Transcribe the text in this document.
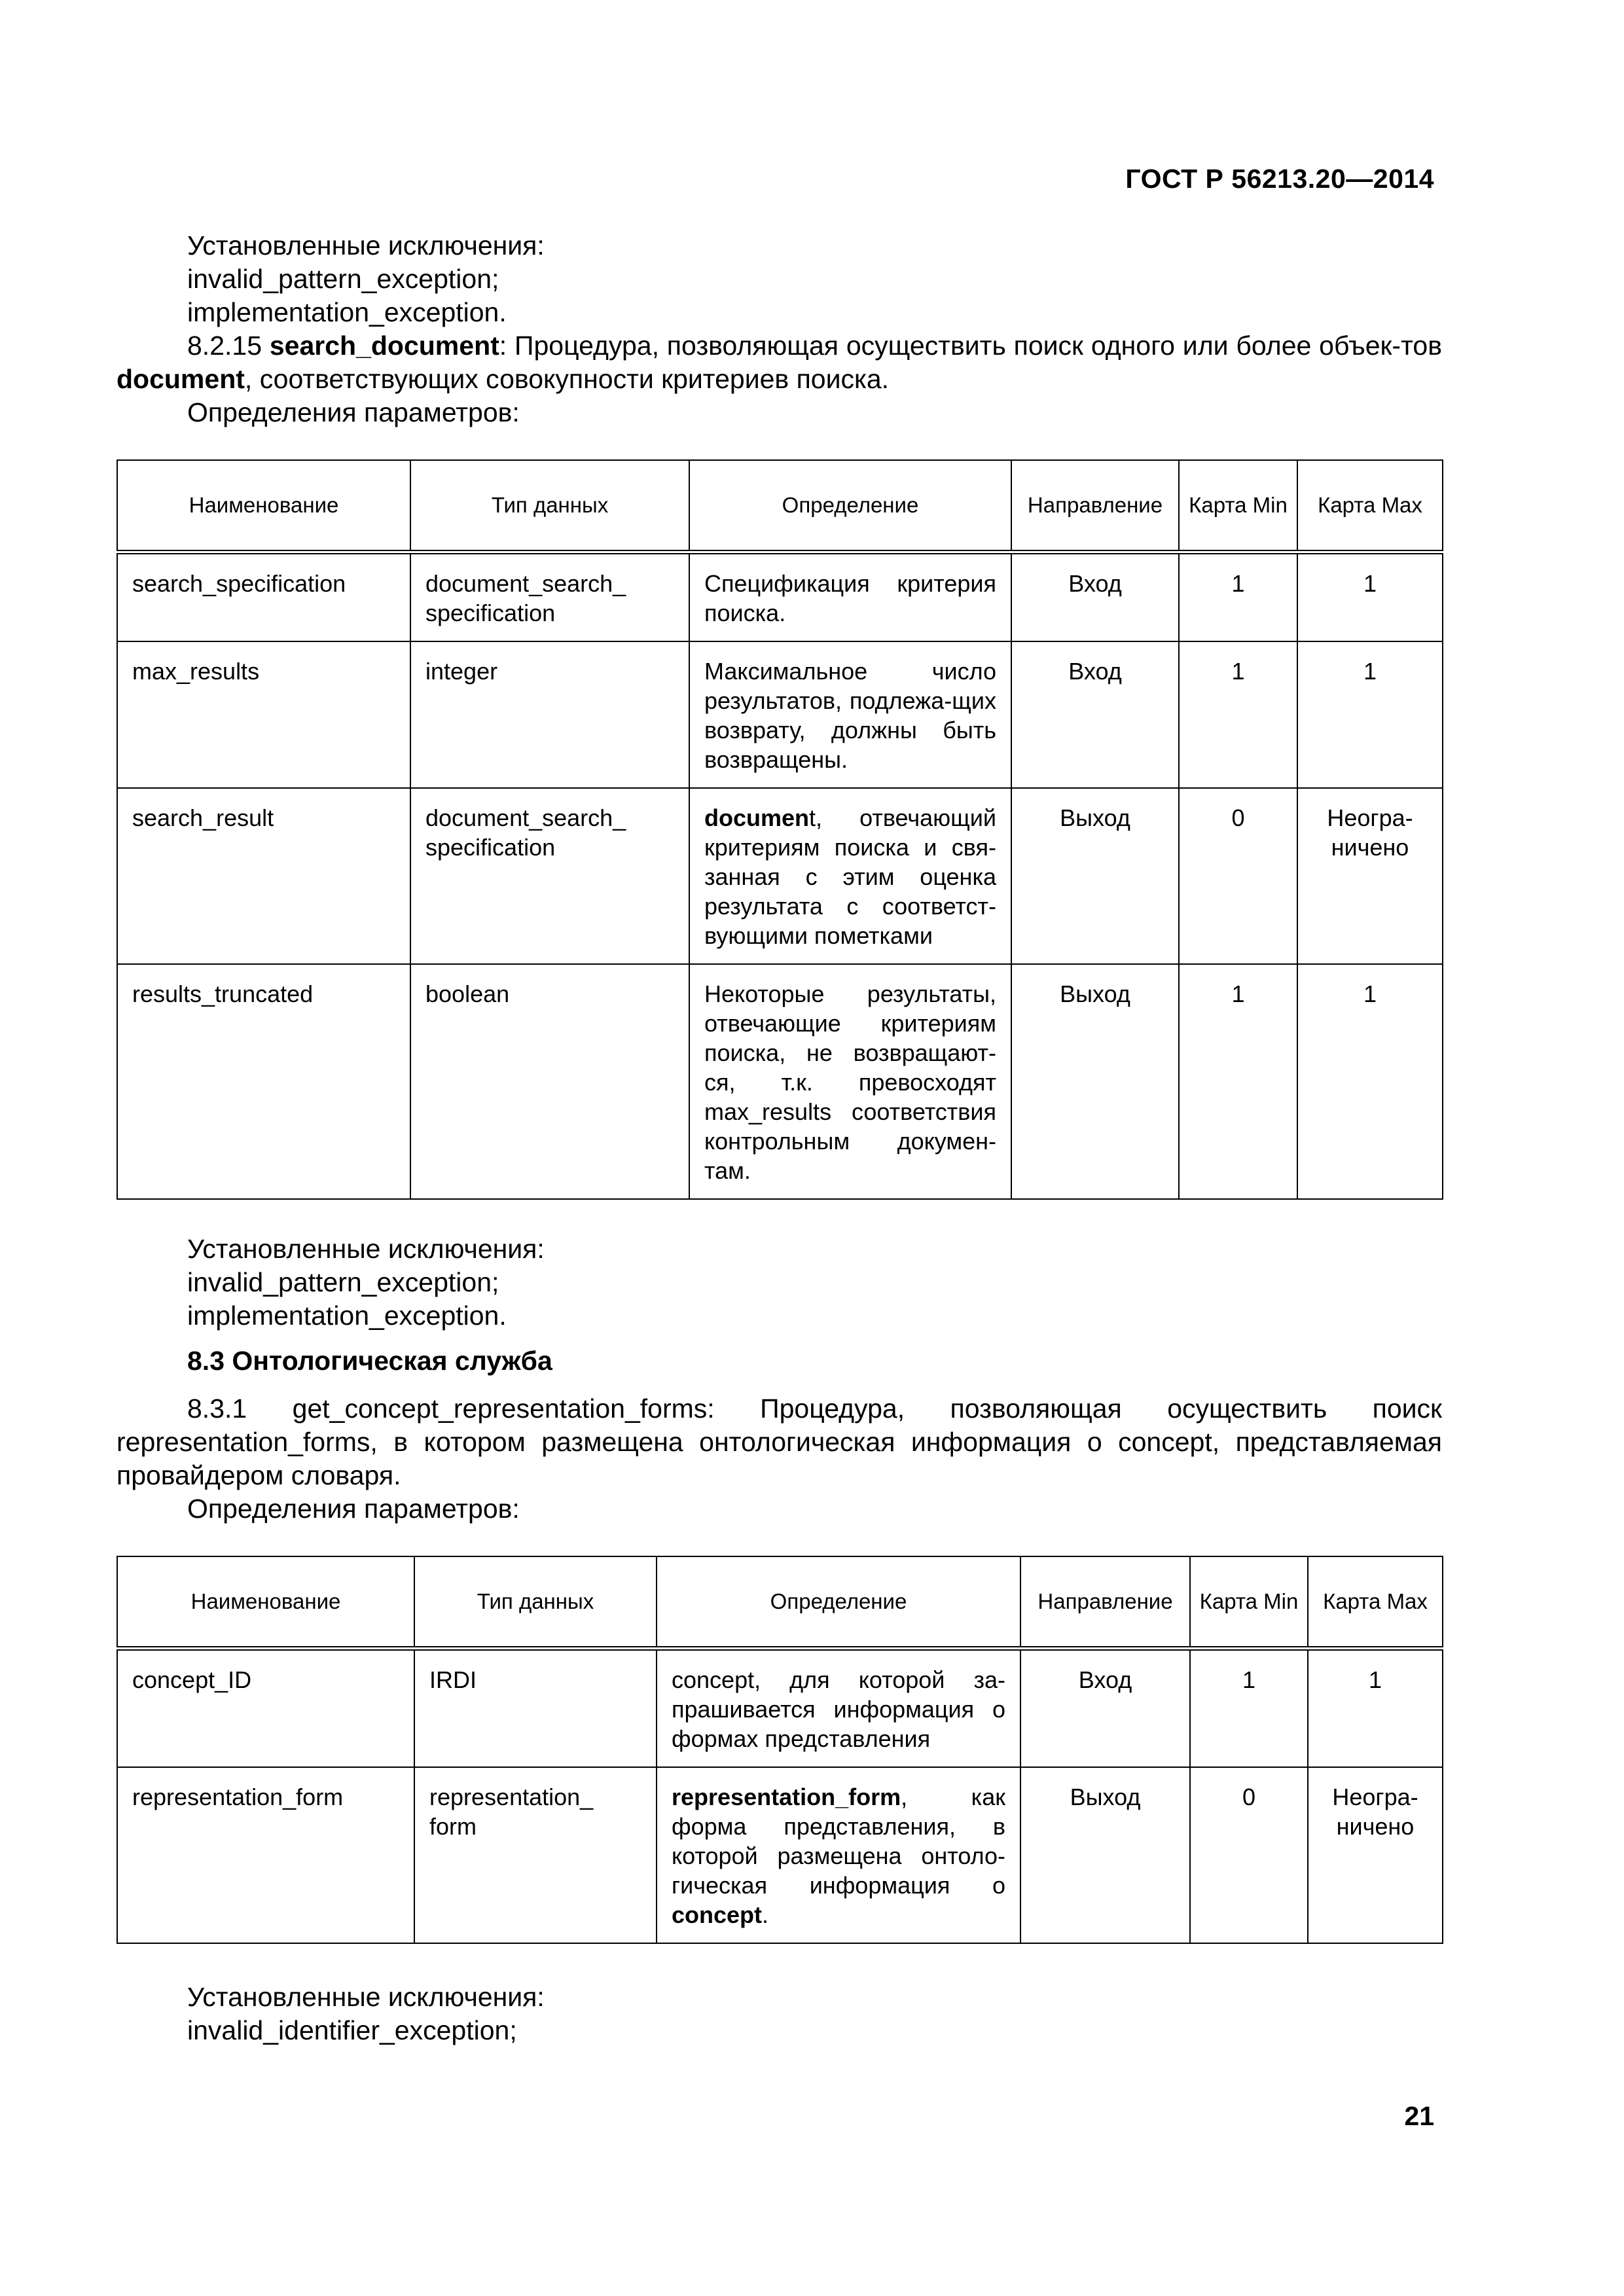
ГОСТ Р 56213.20—2014

Установленные исключения:

invalid_pattern_exception;

implementation_exception.

8.2.15 search_document: Процедура, позволяющая осуществить поиск одного или более объек-тов document, соответствующих совокупности критериев поиска.

Определения параметров:

Наименование	Тип данных	Определение	Направление	Карта Min	Карта Max
search_specification	document_search_ specification	Спецификация критерия поиска.	Вход	1	1
max_results	integer	Максимальное число результатов, подлежа-щих возврату, должны быть возвращены.	Вход	1	1
search_result	document_search_ specification	document, отвечающий критериям поиска и свя-занная с этим оценка результата с соответст-вующими пометками	Выход	0	Неогра-ничено
results_truncated	boolean	Некоторые результаты, отвечающие критериям поиска, не возвращают-ся, т.к. превосходят max_results соответствия контрольным докумен-там.	Выход	1	1

Установленные исключения:

invalid_pattern_exception;

implementation_exception.

8.3 Онтологическая служба

8.3.1 get_concept_representation_forms: Процедура, позволяющая осуществить поиск representation_forms, в котором размещена онтологическая информация о concept, представляемая провайдером словаря.

Определения параметров:

Наименование	Тип данных	Определение	Направление	Карта Min	Карта Max
concept_ID	IRDI	concept, для которой за-прашивается информация о формах представления	Вход	1	1
representation_form	representation_ form	representation_form, как форма представления, в которой размещена онтоло-гическая информация о concept.	Выход	0	Неогра-ничено

Установленные исключения:

invalid_identifier_exception;

21
